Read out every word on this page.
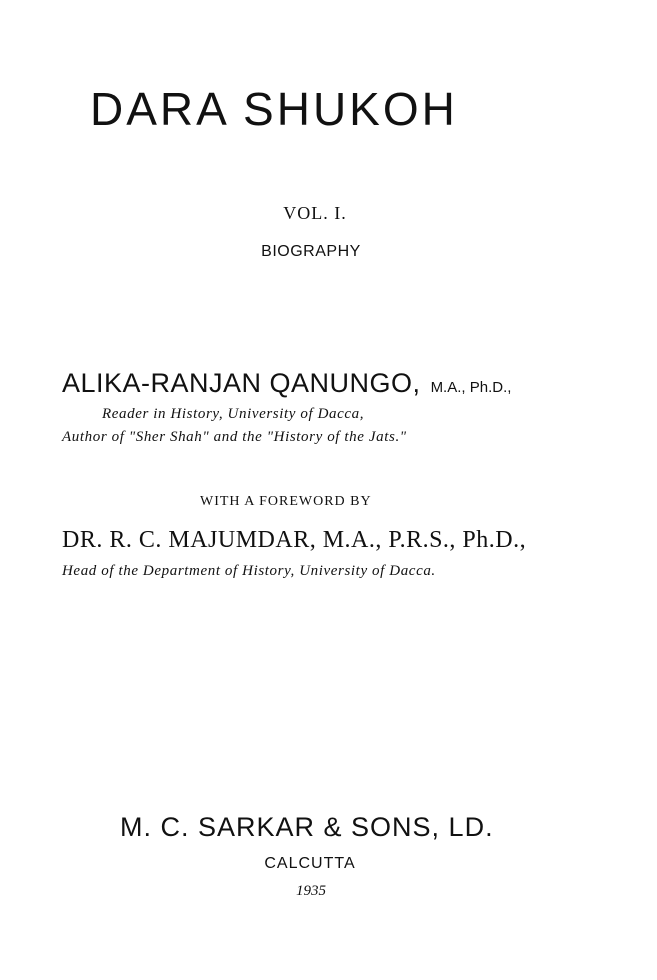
DARA SHUKOH
VOL. I.
BIOGRAPHY
ALIKA-RANJAN QANUNGO, M.A., Ph.D.,
Reader in History, University of Dacca,
Author of "Sher Shah" and the "History of the Jats."
WITH A FOREWORD BY
DR. R. C. MAJUMDAR, M.A., P.R.S., Ph.D.,
Head of the Department of History, University of Dacca.
M. C. SARKAR & SONS, LD.
CALCUTTA
1935
